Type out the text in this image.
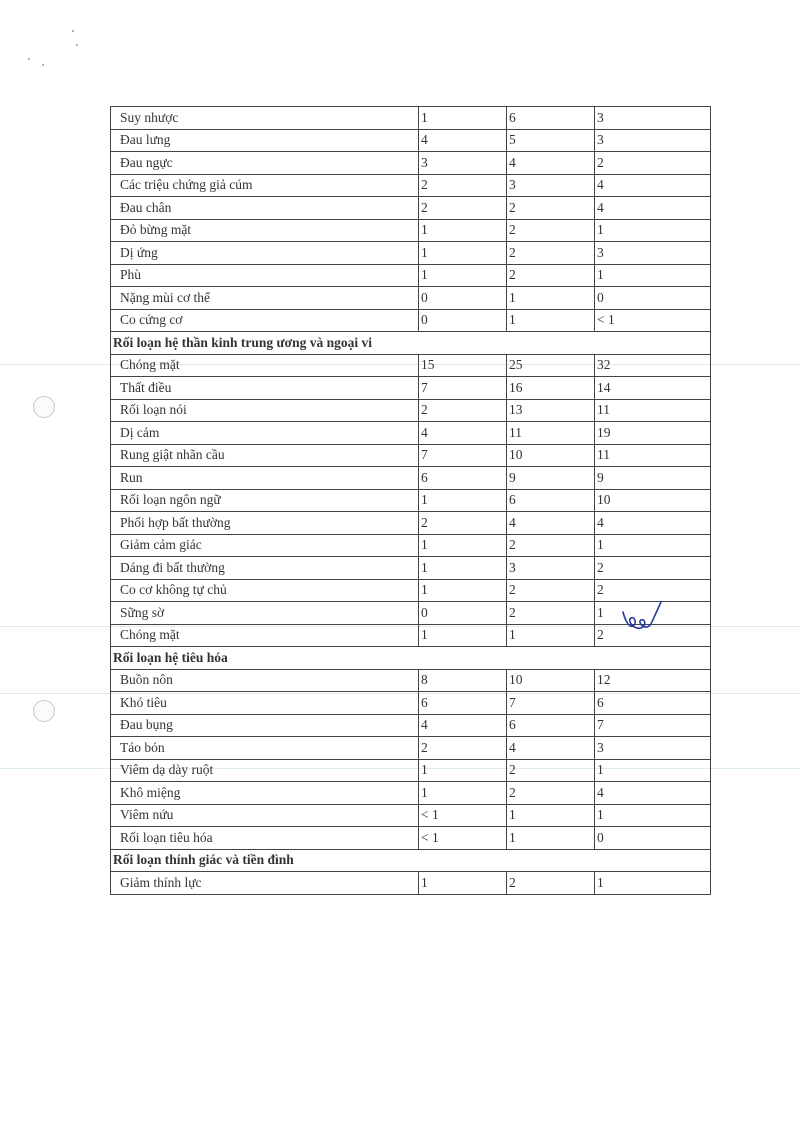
Suy nhược	1	6	3
Đau lưng	4	5	3
Đau ngực	3	4	2
Các triệu chứng giả cúm	2	3	4
Đau chân	2	2	4
Đỏ bừng mặt	1	2	1
Dị ứng	1	2	3
Phù	1	2	1
Nặng mùi cơ thể	0	1	0
Co cứng cơ	0	1	< 1
Rối loạn hệ thần kinh trung ương và ngoại vi			
Chóng mặt	15	25	32
Thất điều	7	16	14
Rối loạn nói	2	13	11
Dị cảm	4	11	19
Rung giật nhãn cầu	7	10	11
Run	6	9	9
Rối loạn ngôn ngữ	1	6	10
Phối hợp bất thường	2	4	4
Giảm cảm giác	1	2	1
Dáng đi bất thường	1	3	2
Co cơ không tự chủ	1	2	2
Sững sờ	0	2	1
Chóng mặt	1	1	2
Rối loạn hệ tiêu hóa			
Buồn nôn	8	10	12
Khó tiêu	6	7	6
Đau bụng	4	6	7
Táo bón	2	4	3
Viêm dạ dày ruột	1	2	1
Khô miệng	1	2	4
Viêm nứu	< 1	1	1
Rối loạn tiêu hóa	< 1	1	0
Rối loạn thính giác và tiền đình			
Giảm thính lực	1	2	1
